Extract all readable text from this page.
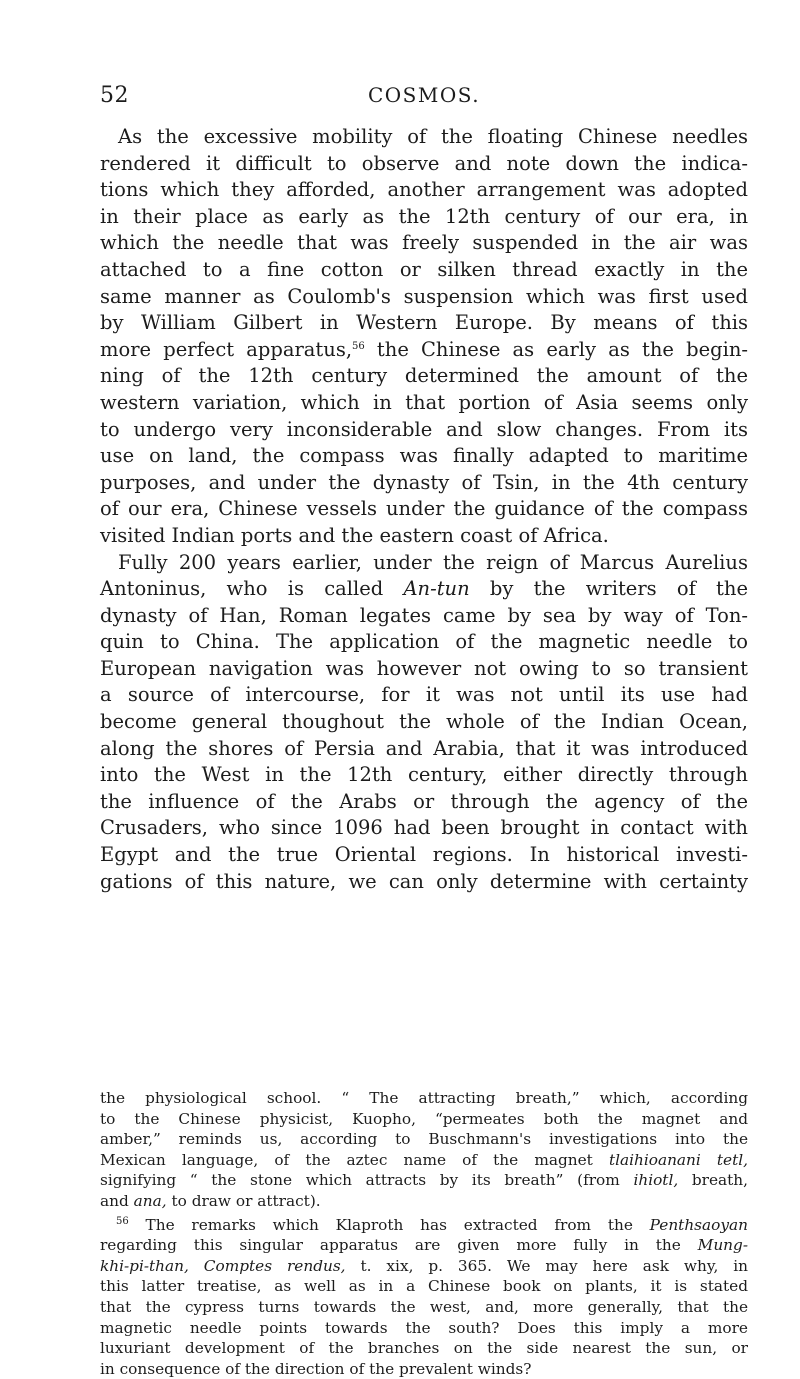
52	COSMOS.
As the excessive mobility of the floating Chinese needles
rendered it difficult to observe and note down the indica-
tions which they afforded, another arrangement was adopted
in their place as early as the 12th century of our era, in
which the needle that was freely suspended in the air was
attached to a fine cotton or silken thread exactly in the
same manner as Coulomb's suspension which was first used
by William Gilbert in Western Europe. By means of this
more perfect apparatus,$^{56}$ the Chinese as early as the begin-
ning of the 12th century determined the amount of the
western variation, which in that portion of Asia seems only
to undergo very inconsiderable and slow changes. From its
use on land, the compass was finally adapted to maritime
purposes, and under the dynasty of Tsin, in the 4th century
of our era, Chinese vessels under the guidance of the compass
visited Indian ports and the eastern coast of Africa.
Fully 200 years earlier, under the reign of Marcus Aurelius
Antoninus, who is called An-tun by the writers of the
dynasty of Han, Roman legates came by sea by way of Ton-
quin to China. The application of the magnetic needle to
European navigation was however not owing to so transient
a source of intercourse, for it was not until its use had
become general thoughout the whole of the Indian Ocean,
along the shores of Persia and Arabia, that it was introduced
into the West in the 12th century, either directly through
the influence of the Arabs or through the agency of the
Crusaders, who since 1096 had been brought in contact with
Egypt and the true Oriental regions. In historical investi-
gations of this nature, we can only determine with certainty
the physiological school. “ The attracting breath,” which, according
to the Chinese physicist, Kuopho, “permeates both the magnet and
amber,” reminds us, according to Buschmann's investigations into the
Mexican language, of the aztec name of the magnet tlaihioanani tetl,
signifying “ the stone which attracts by its breath” (from ihiotl, breath,
and ana, to draw or attract).
$^{56}$ The remarks which Klaproth has extracted from the Penthsaoyan
regarding this singular apparatus are given more fully in the Mung-
khi-pi-than, Comptes rendus, t. xix, p. 365. We may here ask why, in
this latter treatise, as well as in a Chinese book on plants, it is stated
that the cypress turns towards the west, and, more generally, that the
magnetic needle points towards the south? Does this imply a more
luxuriant development of the branches on the side nearest the sun, or
in consequence of the direction of the prevalent winds?
